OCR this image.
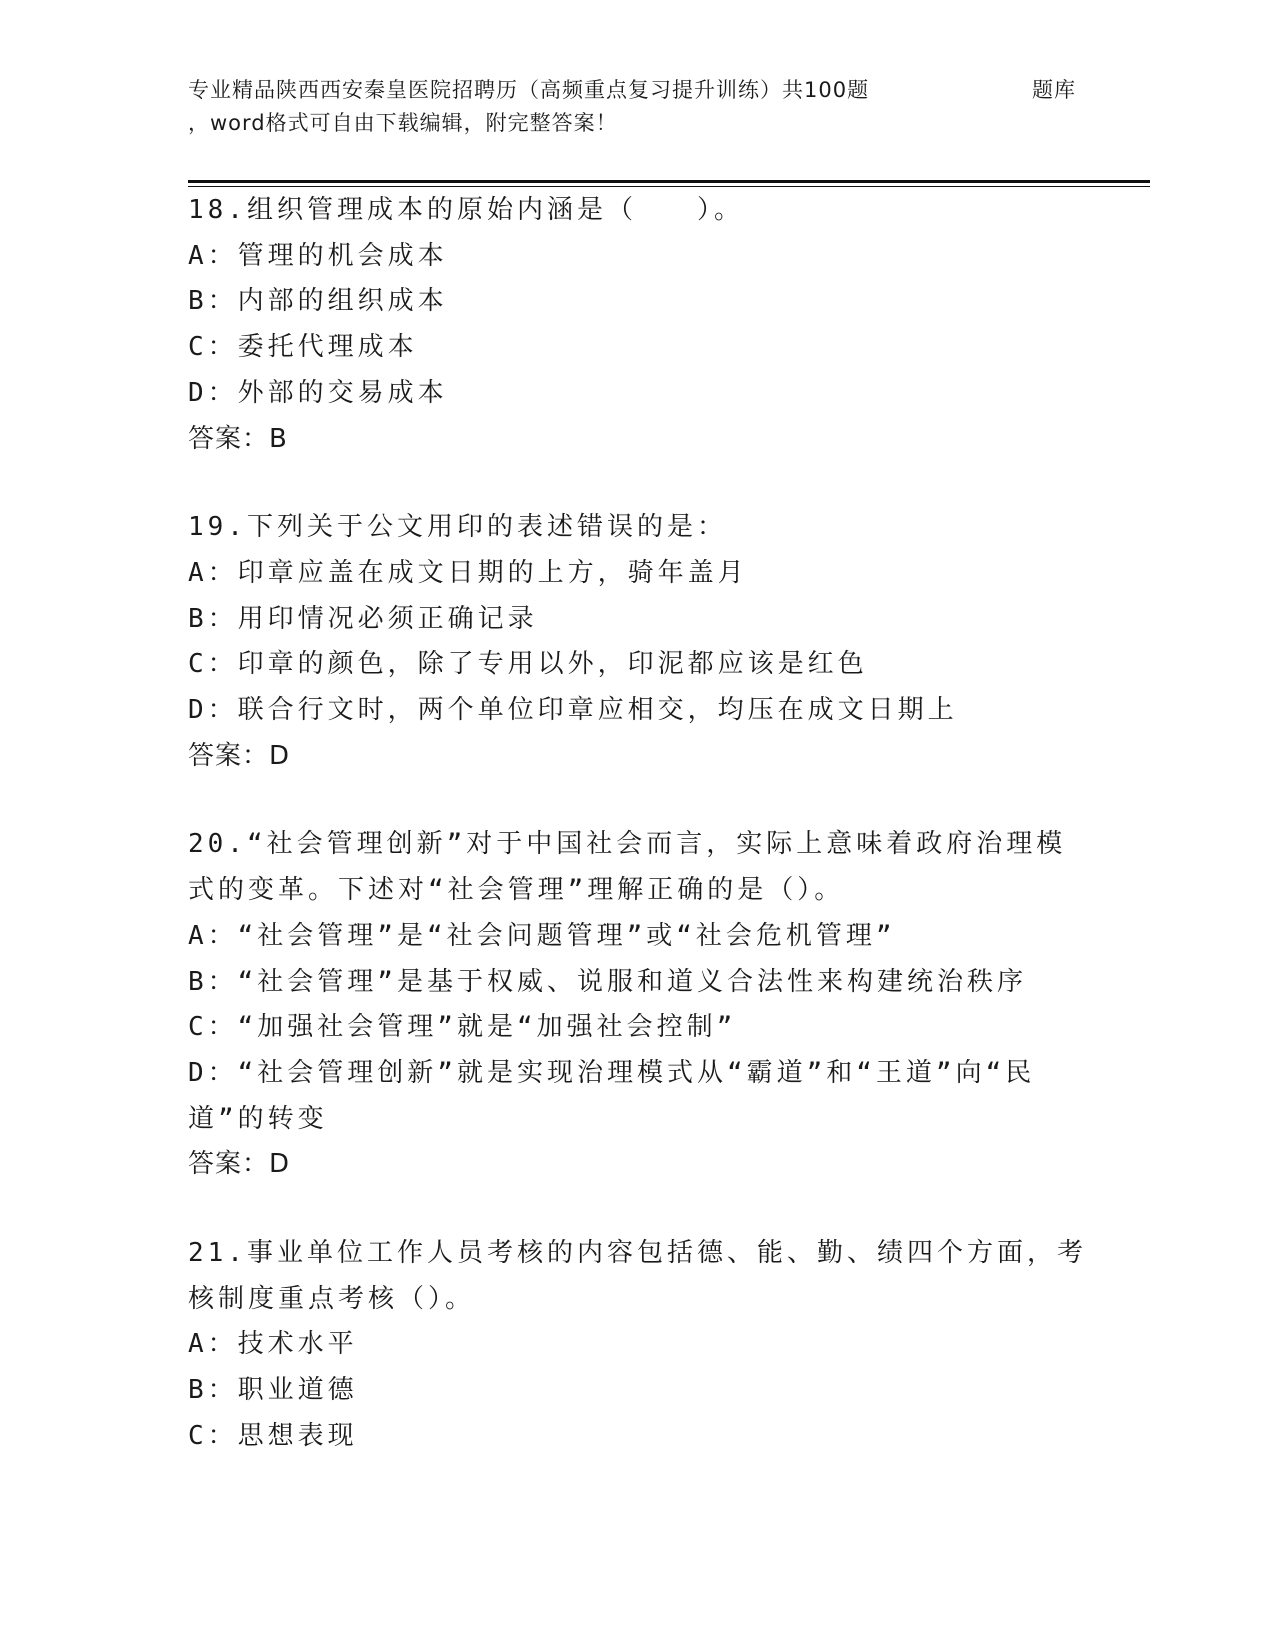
专业精品陕西西安秦皇医院招聘历（高频重点复习提升训练）共100题
，word格式可自由下载编辑，附完整答案！
题库
18.组织管理成本的原始内涵是（　　）。
A：管理的机会成本
B：内部的组织成本
C：委托代理成本
D：外部的交易成本
答案：B
19.下列关于公文用印的表述错误的是：
A：印章应盖在成文日期的上方，骑年盖月
B：用印情况必须正确记录
C：印章的颜色，除了专用以外，印泥都应该是红色
D：联合行文时，两个单位印章应相交，均压在成文日期上
答案：D
20.“社会管理创新”对于中国社会而言，实际上意味着政府治理模式的变革。下述对“社会管理”理解正确的是（）。
A：“社会管理”是“社会问题管理”或“社会危机管理”
B：“社会管理”是基于权威、说服和道义合法性来构建统治秩序
C：“加强社会管理”就是“加强社会控制”
D：“社会管理创新”就是实现治理模式从“霸道”和“王道”向“民道”的转变
答案：D
21.事业单位工作人员考核的内容包括德、能、勤、绩四个方面，考核制度重点考核（）。
A：技术水平
B：职业道德
C：思想表现
